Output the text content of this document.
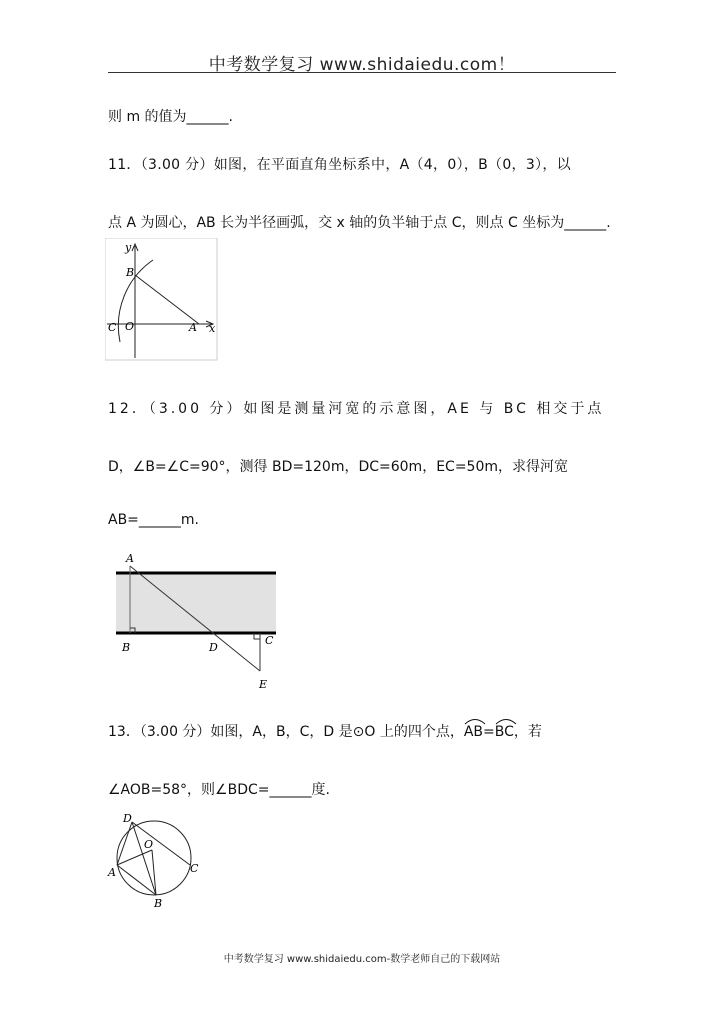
中考数学复习 www.shidaiedu.com！
则 m 的值为______.
11．（3.00 分）如图，在平面直角坐标系中，A（4，0），B（0，3），以
点 A 为圆心，AB 长为半径画弧，交 x 轴的负半轴于点 C，则点 C 坐标为______.
y
B
C O	A x
12．（3.00 分）如图是测量河宽的示意图，AE 与 BC 相交于点
D，∠B=∠C=90°，测得 BD=120m，DC=60m，EC=50m，求得河宽
AB=______m.
A
B
C
D
E
13．（3.00 分）如图，A，B，C，D 是⊙O 上的四个点，
AB=
BC，若
∠AOB=58°，则∠BDC=______度.
D
O
A	C
B
中考数学复习 www.shidaiedu.com-数学老师自己的下载网站
